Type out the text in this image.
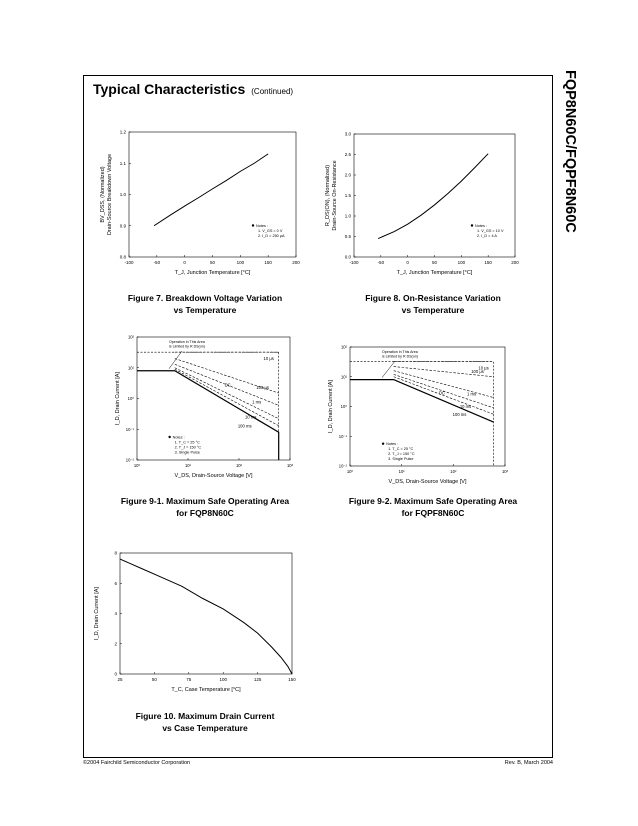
Typical Characteristics (Continued)	FQP8N60C/FQPF8N60C
Figure 7. Breakdown Voltage Variation
vs Temperature
Figure 8. On-Resistance Variation
vs Temperature
Figure 9-1. Maximum Safe Operating Area
for FQP8N60C
Figure 9-2. Maximum Safe Operating Area
for FQPF8N60C
Figure 10. Maximum Drain Current
vs Case Temperature
-100	-50	0	50	100	150	200
0.8
0.9
1.0
1.1
1.2
T_J, Junction Temperature [°C]
BV_DSS, (Normalized) Drain-Source Breakdown Voltage	Notes :
1. V_GS = 0 V
2. I_D = 250 μA
-100	-50	0	50	100	150	200
0.0
0.5
1.0
1.5
2.0
2.5
3.0
T_J, Junction Temperature [°C]
R_DS(ON), (Normalized) Drain-Source On-Resistance	Notes :
1. V_GS = 10 V
2. I_D = 4 A
25	50	75	100	125	150
0
2
4
6
8
T_C, Case Temperature [°C]
I_D, Drain Current [A]
10⁰	10¹	10²	10³
10⁻²
10⁻¹
10⁰
10¹
10²
10 μs
100 μs
1 ms
10 ms
100 ms
DC
Operation in This Area
is Limited by R DS(on)
Notes :
1. T_C = 25 °C
2. T_J = 150 °C
3. Single Pulse
V_DS, Drain-Source Voltage [V]
I_D, Drain Current [A]
10⁰	10¹	10²	10³
10⁻²
10⁻¹
10⁰
10¹
10²
10 μs
100 μs
1 ms
10 ms
100 ms
DC
Operation in This Area
is Limited by R DS(on)
Notes :
1. T_C = 25 °C
2. T_J = 150 °C
3. Single Pulse
V_DS, Drain-Source Voltage [V]
I_D, Drain Current [A]
©2004 Fairchild Semiconductor Corporation	Rev. B, March 2004
